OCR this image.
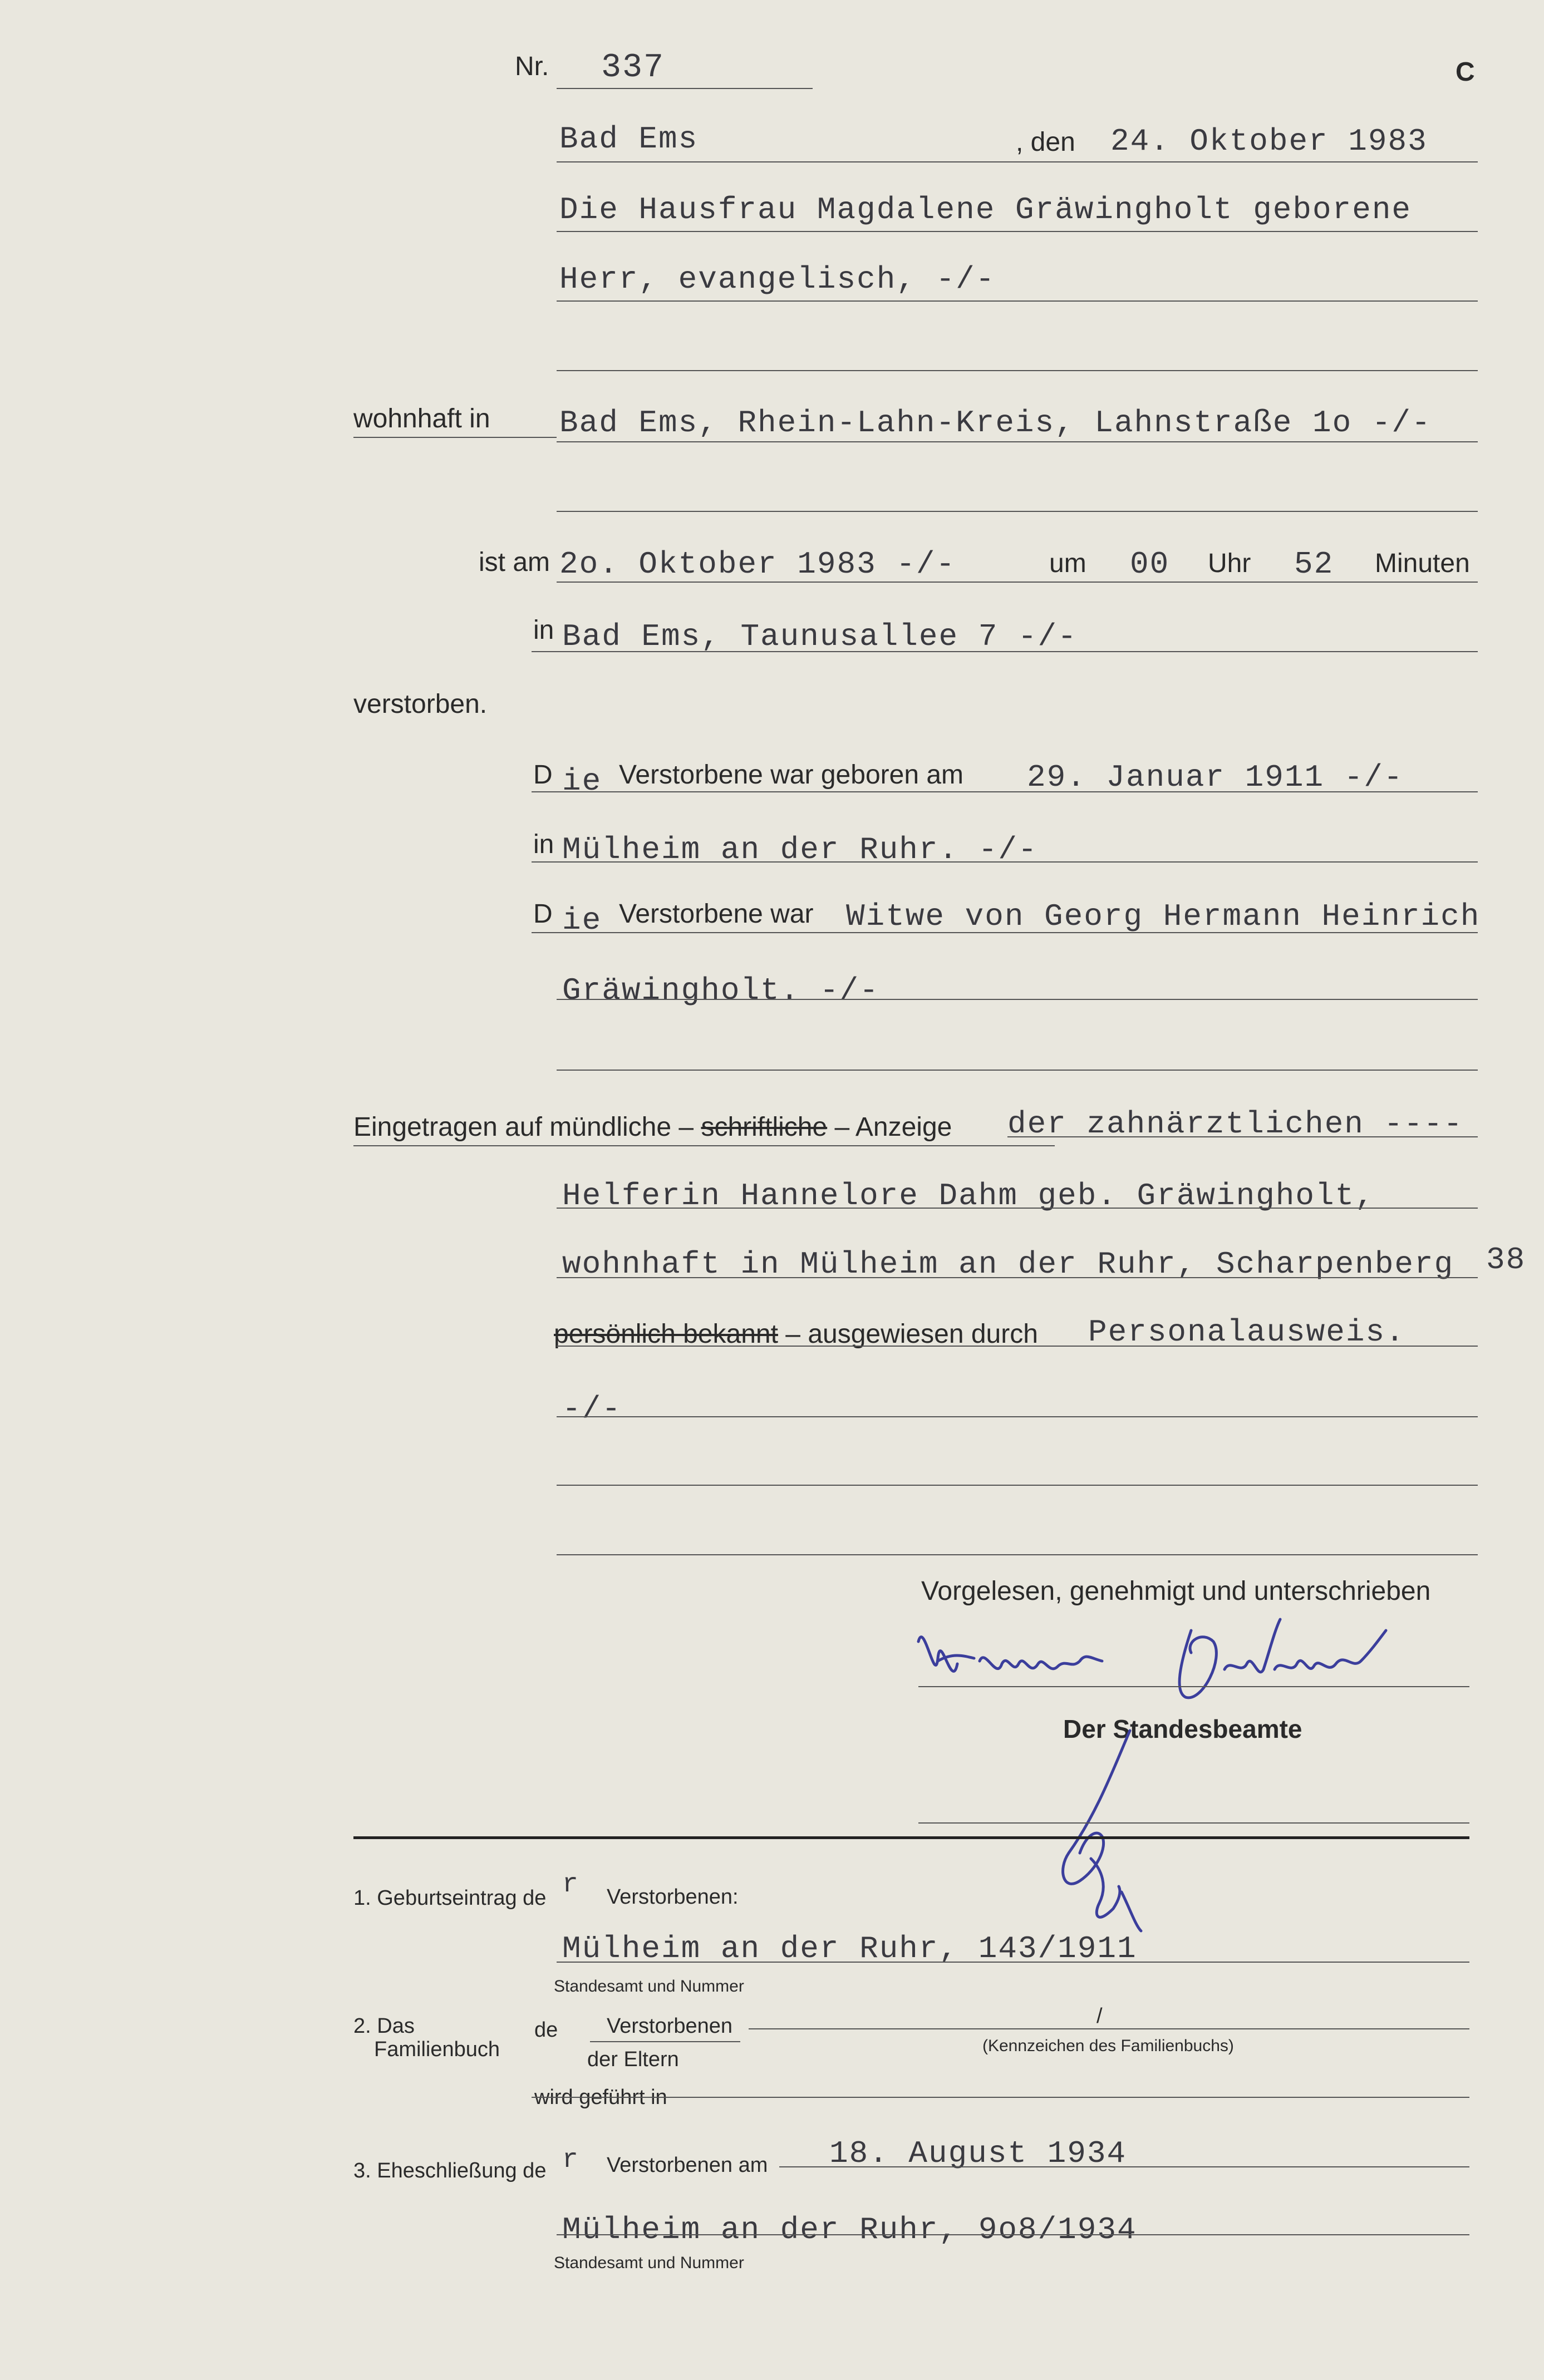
Nr. 337	C
Bad Ems	, den 24. Oktober 1983
Die Hausfrau Magdalene Gräwingholt geborene
Herr, evangelisch, -/-
wohnhaft in Bad Ems, Rhein-Lahn-Kreis, Lahnstraße 1o -/-
ist am 2o. Oktober 1983 -/-	um 00 Uhr 52 Minuten
in Bad Ems, Taunusallee 7 -/-
verstorben.
D ie Verstorbene war geboren am 29. Januar 1911 -/-
in Mülheim an der Ruhr. -/-
D ie Verstorbene war Witwe von Georg Hermann Heinrich
Gräwingholt. -/-
Eingetragen auf mündliche – schriftliche – Anzeige der zahnärztlichen ----
Helferin Hannelore Dahm geb. Gräwingholt,
wohnhaft in Mülheim an der Ruhr, Scharpenberg 38
persönlich bekannt – ausgewiesen durch Personalausweis.
-/-
Vorgelesen, genehmigt und unterschrieben
Der Standesbeamte
1. Geburtseintrag de r Verstorbenen:
Mülheim an der Ruhr, 143/1911
Standesamt und Nummer
2. Das
Familienbuch
de Verstorbenen
der Eltern
/
(Kennzeichen des Familienbuchs)
wird geführt in
3. Eheschließung de r Verstorbenen am 18. August 1934
Mülheim an der Ruhr, 9o8/1934
Standesamt und Nummer
